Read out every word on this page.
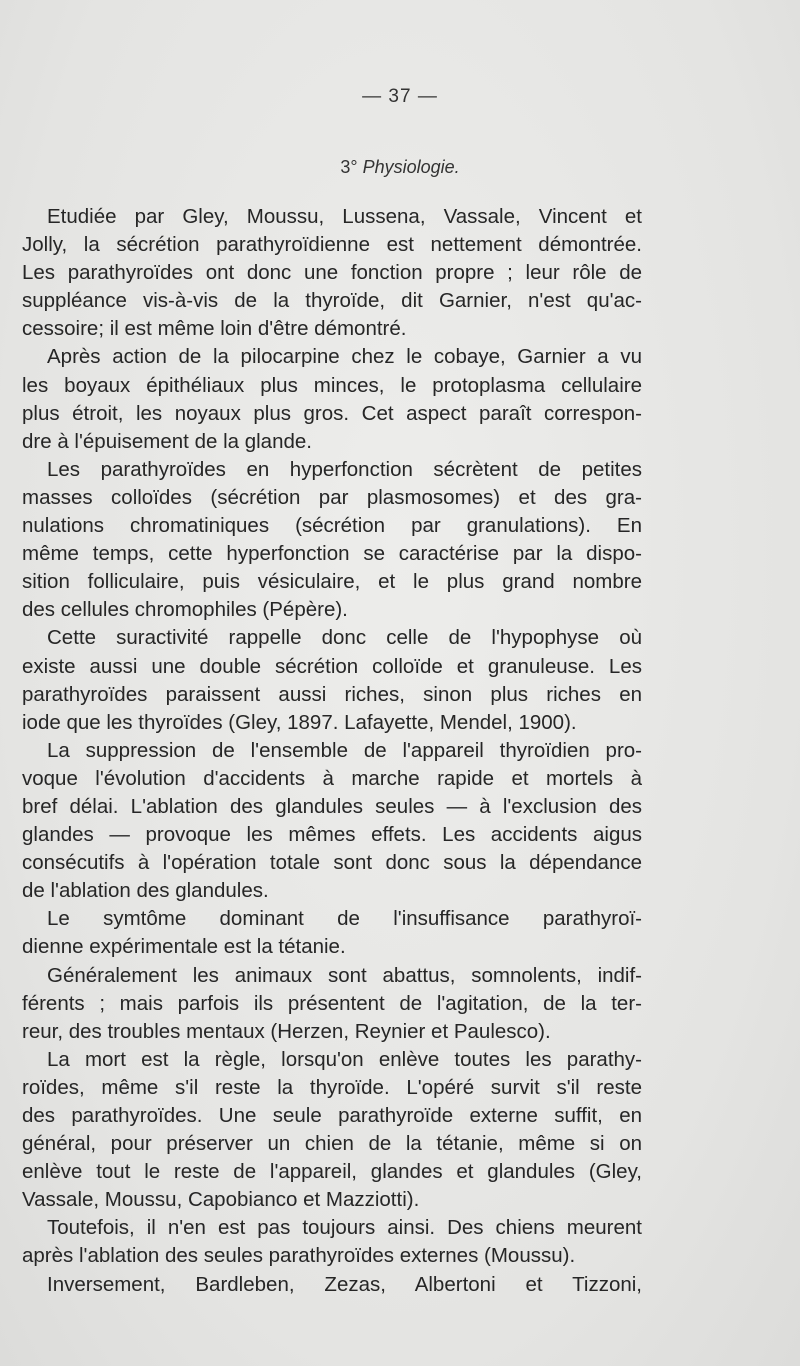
— 37 —
3° Physiologie.
Etudiée par Gley, Moussu, Lussena, Vassale, Vincent et
Jolly, la sécrétion parathyroïdienne est nettement démontrée.
Les parathyroïdes ont donc une fonction propre ; leur rôle de
suppléance vis-à-vis de la thyroïde, dit Garnier, n'est qu'ac-
cessoire; il est même loin d'être démontré.
Après action de la pilocarpine chez le cobaye, Garnier a vu
les boyaux épithéliaux plus minces, le protoplasma cellulaire
plus étroit, les noyaux plus gros. Cet aspect paraît correspon-
dre à l'épuisement de la glande.
Les parathyroïdes en hyperfonction sécrètent de petites
masses colloïdes (sécrétion par plasmosomes) et des gra-
nulations chromatiniques (sécrétion par granulations). En
même temps, cette hyperfonction se caractérise par la dispo-
sition folliculaire, puis vésiculaire, et le plus grand nombre
des cellules chromophiles (Pépère).
Cette suractivité rappelle donc celle de l'hypophyse où
existe aussi une double sécrétion colloïde et granuleuse. Les
parathyroïdes paraissent aussi riches, sinon plus riches en
iode que les thyroïdes (Gley, 1897. Lafayette, Mendel, 1900).
La suppression de l'ensemble de l'appareil thyroïdien pro-
voque l'évolution d'accidents à marche rapide et mortels à
bref délai. L'ablation des glandules seules — à l'exclusion des
glandes — provoque les mêmes effets. Les accidents aigus
consécutifs à l'opération totale sont donc sous la dépendance
de l'ablation des glandules.
Le symtôme dominant de l'insuffisance parathyroï-
dienne expérimentale est la tétanie.
Généralement les animaux sont abattus, somnolents, indif-
férents ; mais parfois ils présentent de l'agitation, de la ter-
reur, des troubles mentaux (Herzen, Reynier et Paulesco).
La mort est la règle, lorsqu'on enlève toutes les parathy-
roïdes, même s'il reste la thyroïde. L'opéré survit s'il reste
des parathyroïdes. Une seule parathyroïde externe suffit, en
général, pour préserver un chien de la tétanie, même si on
enlève tout le reste de l'appareil, glandes et glandules (Gley,
Vassale, Moussu, Capobianco et Mazziotti).
Toutefois, il n'en est pas toujours ainsi. Des chiens meurent
après l'ablation des seules parathyroïdes externes (Moussu).
Inversement, Bardleben, Zezas, Albertoni et Tizzoni,
